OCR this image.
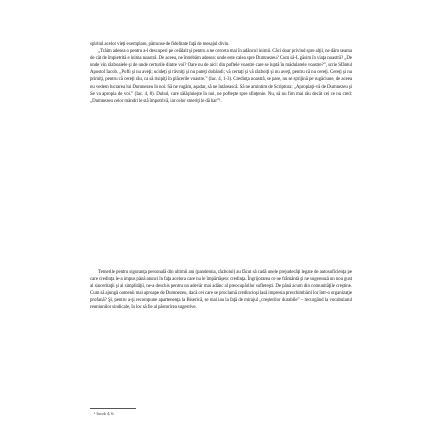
spiritul acelor vieţi exemplare, pătrunse de fidelitate faţă de mesajul divin.

„Trăim adesea o pentru a-l descoperi pe celălalt şi pentru a ne cerceta mai în adâncul inimii. Căci doar privind spre alţii, ne dăm seama de cât de împietrită e inima noastră. De aceea, ne întrebăm adesea: unde este calea spre Dumnezeu? Cum să-L găsim în viaţa noastră? „De unde vin războaiele şi de unde certurile dintre voi? Oare nu de aici: din poftele voastre care se luptă în mădularele voastre?”, scrie Sfântul Apostol Iacob. „Pofti şi nu aveţi; ucideţi şi râvniţi şi nu puteţi dobândi; vă certaţi şi vă războiţi şi nu aveţi, pentru că nu cereţi. Cereţi şi nu primiţi, pentru că cereţi rău, ca să risipiţi în plăcerile voastre.” (Iac. 4, 1-3). Credinţa noastră, se pare, nu se sprijină pe rugăciune, de aceea nu vedem lucrarea lui Dumnezeu în noi. Să ne rugăm, aşadar, să ne întărească. Să ne amintim de Scriptura: „Apropiaţi-vă de Dumnezeu şi Se va apropia de voi.” (Iac. 4, 8). Duhul, care sălăşluieşte în noi, ne poftеşte spre sfinţenie. Nu, să nu fim mai rău decât cei ce nu cred: „Dumnezeu celor mândri le stă împotrivă, iar celor smeriţi le dă har”¹.

Temerile pentru siguranţa personală din ultimii ani (pandemia, războiul) au făcut să cadă unele prejudecăţi legate de autosuficienţa pe care credinţa le-a impus până atunci în faţa acelora care nu le împărtăşesc credinţa. Îngrijorarea ce ne frământă şi ne sugerează un nou gust al sinceritaţii şi al simplităţii, ne-a deschis pentru un adevăr mai adânc al preocupărilor sufleteşti. De până acum din comunităţile creştine. Cum să ajungă oamenii mai aproape de Dumnezeu, dacă cei care se proclamă credincioşi lasă impresia preschimbării lor într-o organizaţie profană? Şi, pentru a-şi recompune apartenenţa la Biserică, se mai iau la faţă de mirajul „creşterilor durabile” – recurgând la vocabularul reuniunilor sindicale, în loc să fie al păstorirea sugestive.

¹ Iacob 4, 6.
